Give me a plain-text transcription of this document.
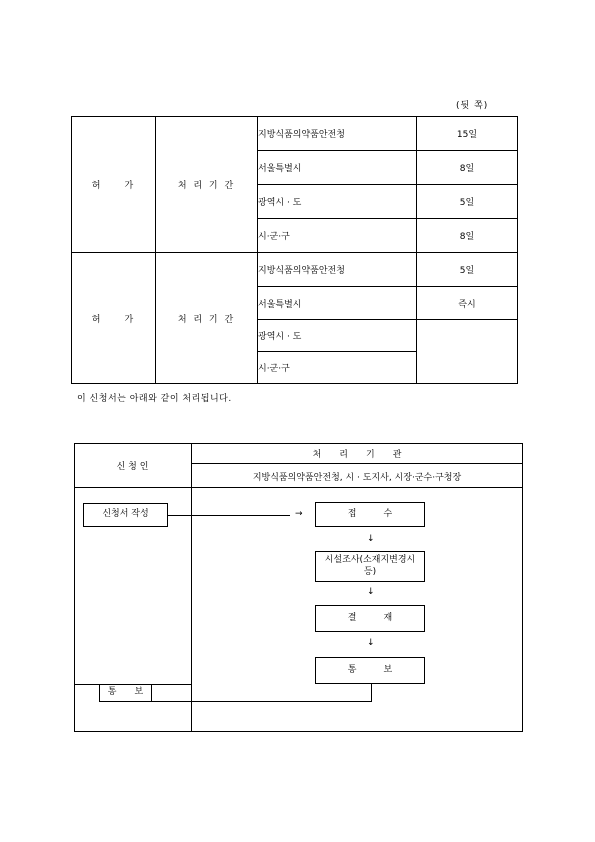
(뒷 쪽)
허　　가	처 리 기 간	지방식품의약품안전청	15일
		서울특별시	8일
		광역시 · 도	5일
		시·군·구	8일
허　　가	처 리 기 간	지방식품의약품안전청	5일
		서울특별시	즉시
		광역시 · 도	
		시·군·구	
이 신청서는 아래와 같이 처리됩니다.
신 청 인
처　　리　　기　　관
지방식품의약품안전청, 시 · 도지사, 시장·군수·구청장
신청서 작성	→	접　　　수
↓
시설조사(소재지변경시 등)
↓
결　　　재
↓
통　　　보
통　　보
